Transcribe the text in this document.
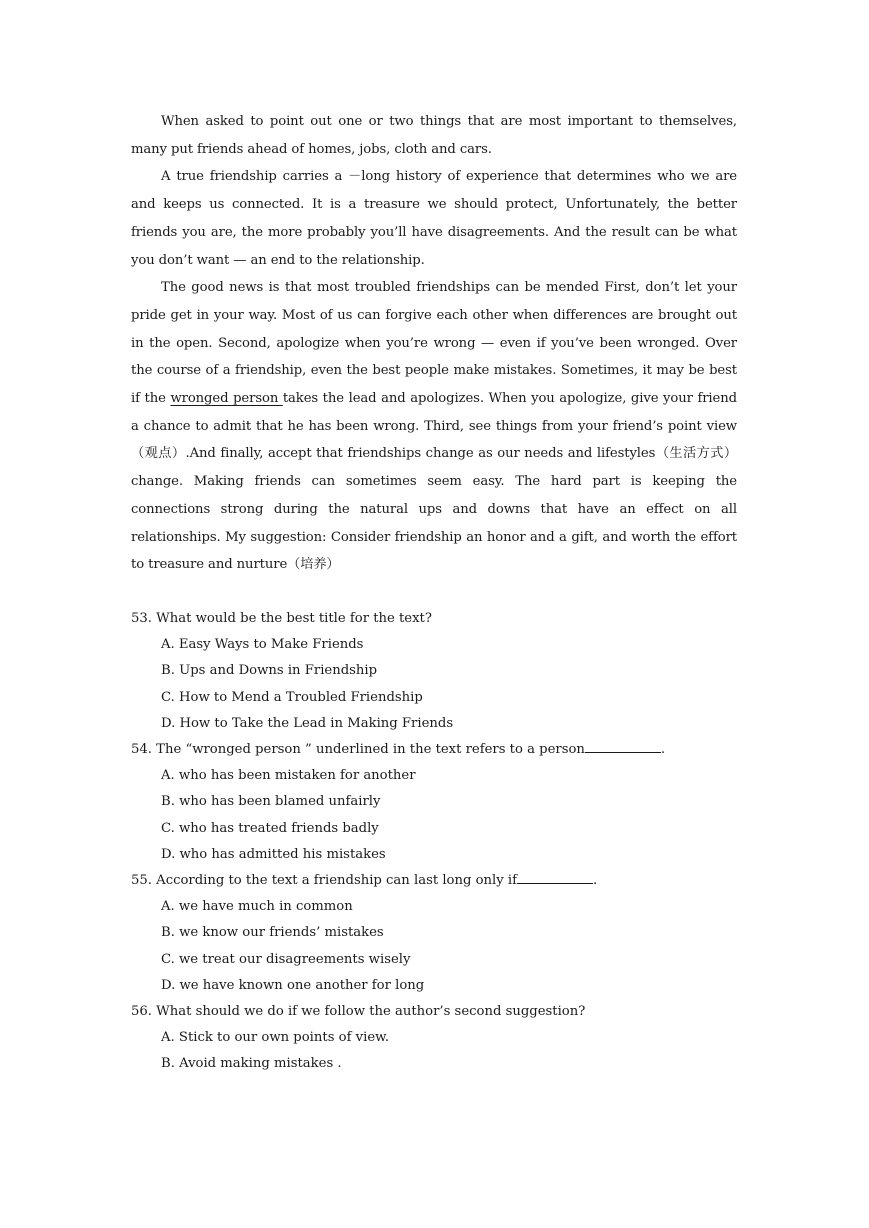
When asked to point out one or two things that are most important to themselves, many put friends ahead of homes, jobs, cloth and cars.

A true friendship carries a －long history of experience that determines who we are and keeps us connected. It is a treasure we should protect, Unfortunately, the better friends you are, the more probably you’ll have disagreements. And the result can be what you don’t want — an end to the relationship.

The good news is that most troubled friendships can be mended First, don’t let your pride get in your way. Most of us can forgive each other when differences are brought out in the open. Second, apologize when you’re wrong — even if you’ve been wronged. Over the course of a friendship, even the best people make mistakes. Sometimes, it may be best if the wronged person takes the lead and apologizes. When you apologize, give your friend a chance to admit that he has been wrong. Third, see things from your friend’s point view（观点）.And finally, accept that friendships change as our needs and lifestyles（生活方式）change. Making friends can sometimes seem easy. The hard part is keeping the connections strong during the natural ups and downs that have an effect on all relationships. My suggestion: Consider friendship an honor and a gift, and worth the effort to treasure and nurture（培养）

53. What would be the best title for the text?

A. Easy Ways to Make Friends

B. Ups and Downs in Friendship

C. How to Mend a Troubled Friendship

D. How to Take the Lead in Making Friends

54. The “wronged person ” underlined in the text refers to a person	.

A. who has been mistaken for another

B. who has been blamed unfairly

C. who has treated friends badly

D. who has admitted his mistakes

55. According to the text a friendship can last long only if	.

A. we have much in common

B. we know our friends’ mistakes

C. we treat our disagreements wisely

D. we have known one another for long

56. What should we do if we follow the author’s second suggestion?

A. Stick to our own points of view.

B. Avoid making mistakes .
